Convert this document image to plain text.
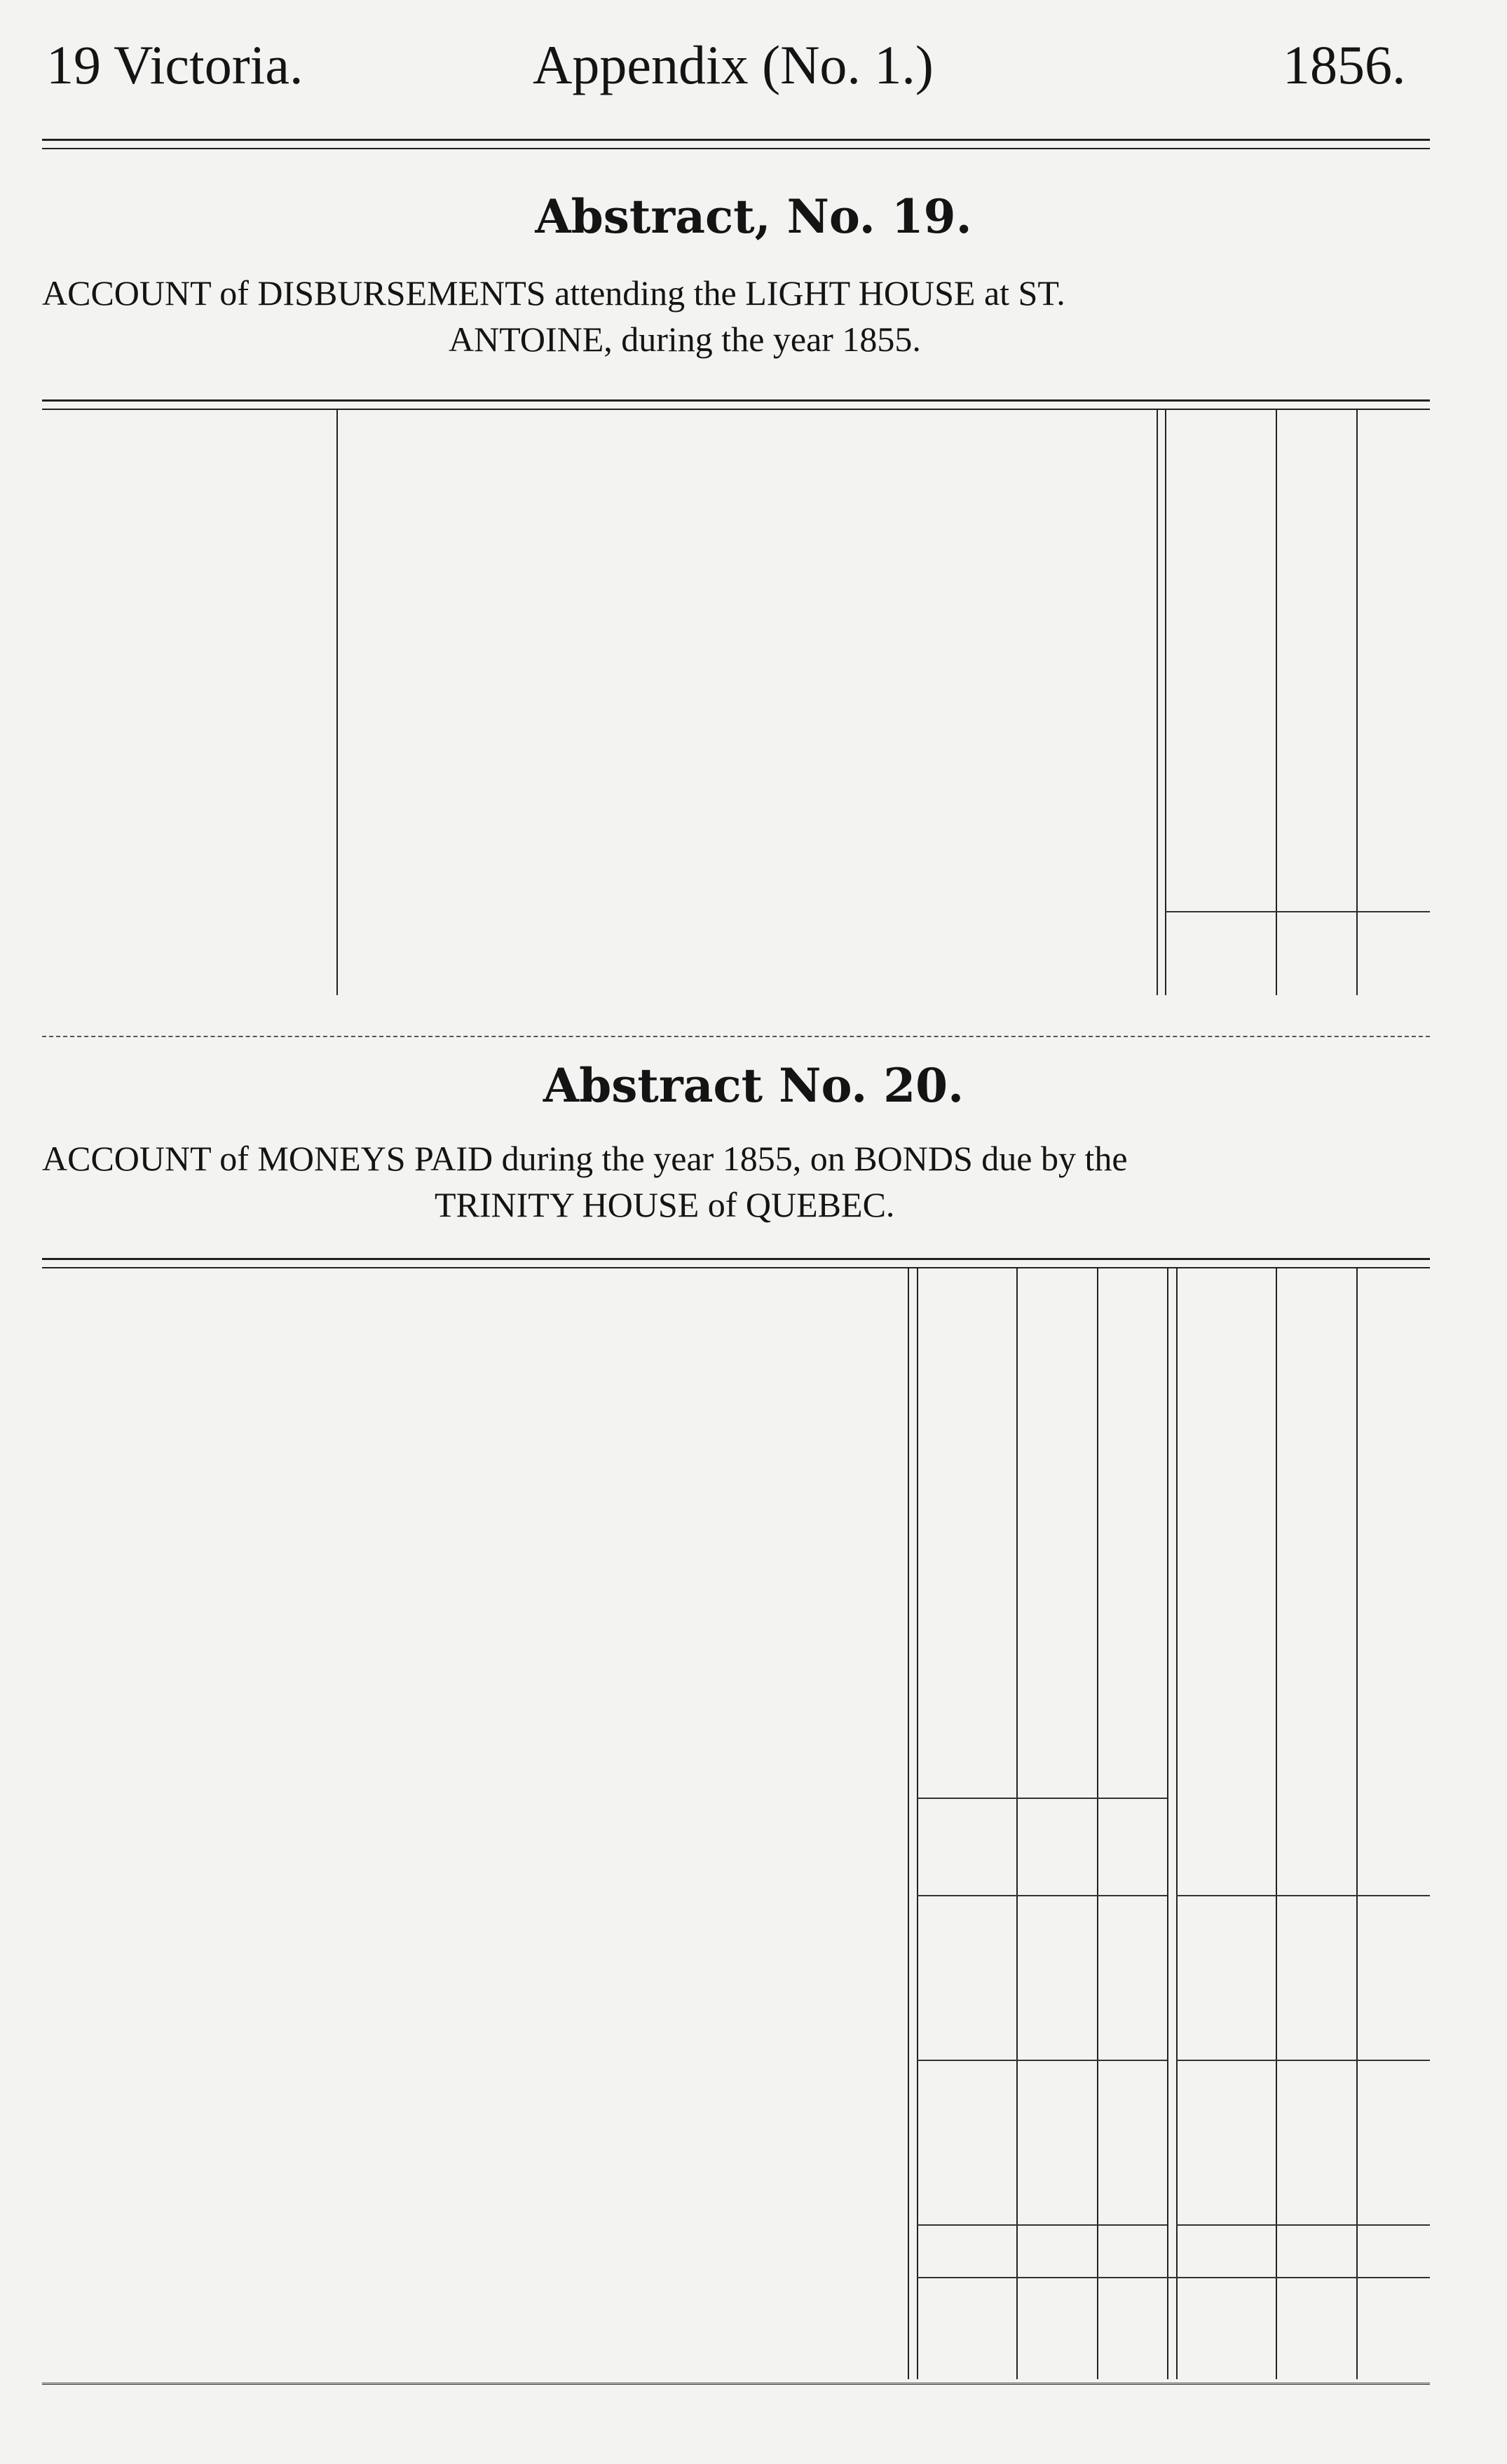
19 Victoria.	Appendix (No. 1.)	1856.
Abstract, No. 19.
ACCOUNT of DISBURSEMENTS attending the LIGHT HOUSE at ST.
ANTOINE, during the year 1855.
Abstract No. 20.
ACCOUNT of MONEYS PAID during the year 1855, on BONDS due by the
TRINITY HOUSE of QUEBEC.
